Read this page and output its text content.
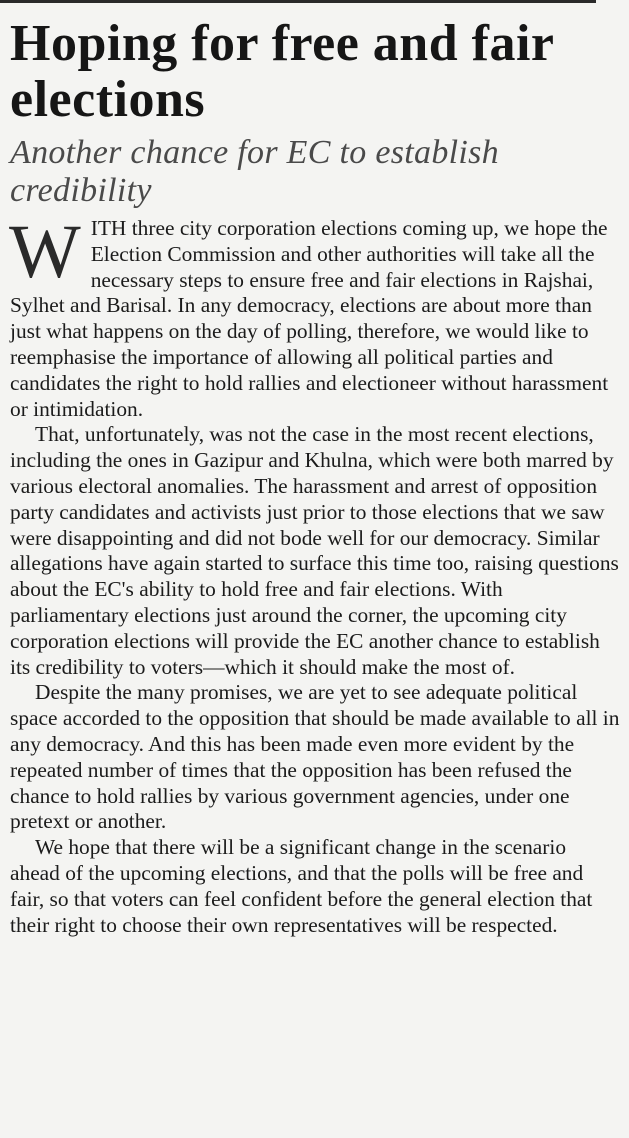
Hoping for free and fair elections
Another chance for EC to establish credibility

WITH three city corporation elections coming up, we hope the Election Commission and other authorities will take all the necessary steps to ensure free and fair elections in Rajshai, Sylhet and Barisal. In any democracy, elections are about more than just what happens on the day of polling, therefore, we would like to reemphasise the importance of allowing all political parties and candidates the right to hold rallies and electioneer without harassment or intimidation.

That, unfortunately, was not the case in the most recent elections, including the ones in Gazipur and Khulna, which were both marred by various electoral anomalies. The harassment and arrest of opposition party candidates and activists just prior to those elections that we saw were disappointing and did not bode well for our democracy. Similar allegations have again started to surface this time too, raising questions about the EC's ability to hold free and fair elections. With parliamentary elections just around the corner, the upcoming city corporation elections will provide the EC another chance to establish its credibility to voters—which it should make the most of.

Despite the many promises, we are yet to see adequate political space accorded to the opposition that should be made available to all in any democracy. And this has been made even more evident by the repeated number of times that the opposition has been refused the chance to hold rallies by various government agencies, under one pretext or another.

We hope that there will be a significant change in the scenario ahead of the upcoming elections, and that the polls will be free and fair, so that voters can feel confident before the general election that their right to choose their own representatives will be respected.
